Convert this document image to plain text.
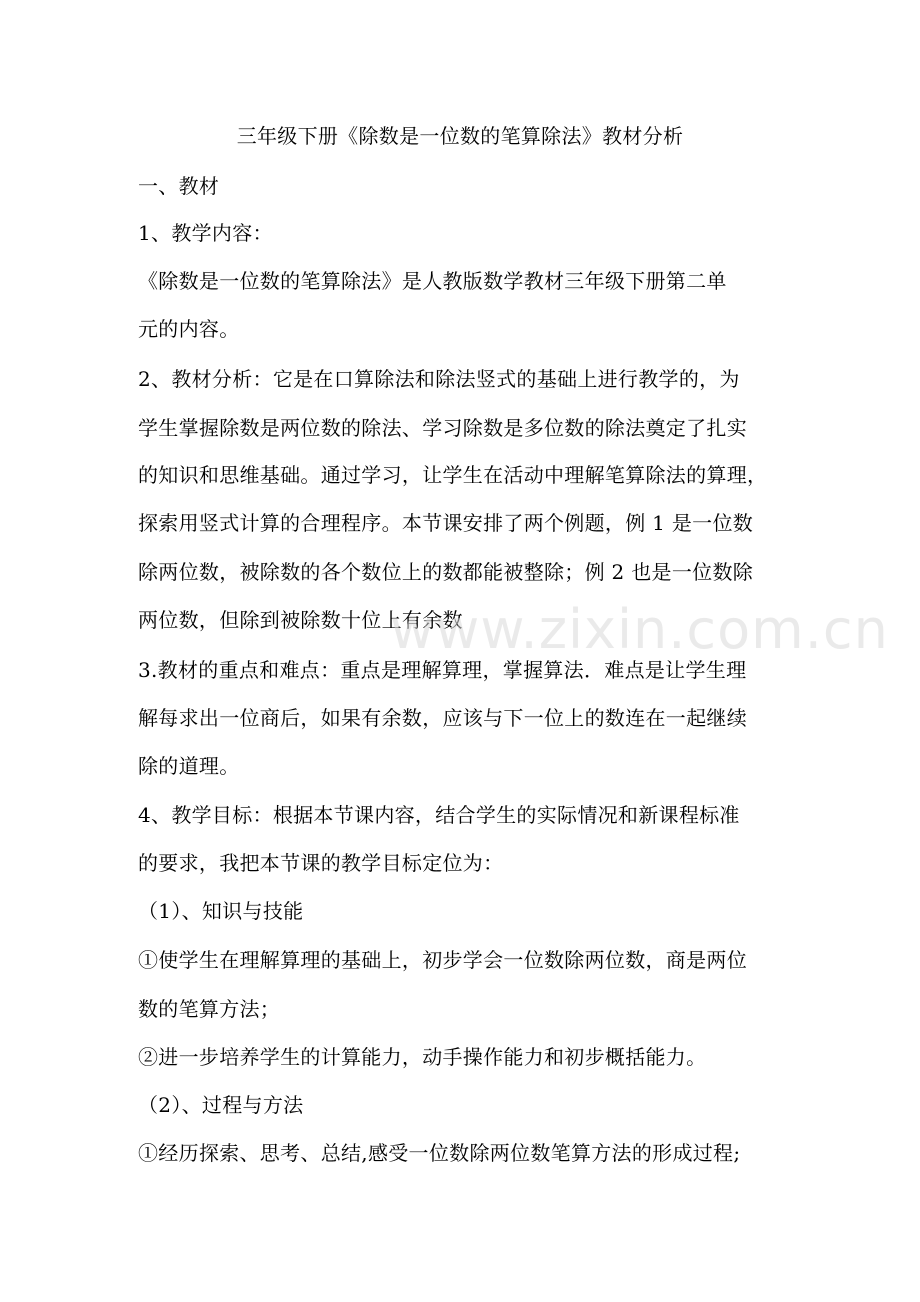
三年级下册《除数是一位数的笔算除法》教材分析
一、教材
1、教学内容：
《除数是一位数的笔算除法》是人教版数学教材三年级下册第二单
元的内容。
2、教材分析：它是在口算除法和除法竖式的基础上进行教学的，为
学生掌握除数是两位数的除法、学习除数是多位数的除法奠定了扎实
的知识和思维基础。通过学习，让学生在活动中理解笔算除法的算理，
探索用竖式计算的合理程序。本节课安排了两个例题，例 1 是一位数
除两位数，被除数的各个数位上的数都能被整除；例 2 也是一位数除
两位数，但除到被除数十位上有余数
3.教材的重点和难点：重点是理解算理，掌握算法．难点是让学生理
解每求出一位商后，如果有余数，应该与下一位上的数连在一起继续
除的道理。
4、教学目标：根据本节课内容，结合学生的实际情况和新课程标准
的要求，我把本节课的教学目标定位为：
（1）、知识与技能
①使学生在理解算理的基础上，初步学会一位数除两位数，商是两位
数的笔算方法；
②进一步培养学生的计算能力，动手操作能力和初步概括能力。
（2）、过程与方法
①经历探索、思考、总结,感受一位数除两位数笔算方法的形成过程;
www.zixin.com.cn
